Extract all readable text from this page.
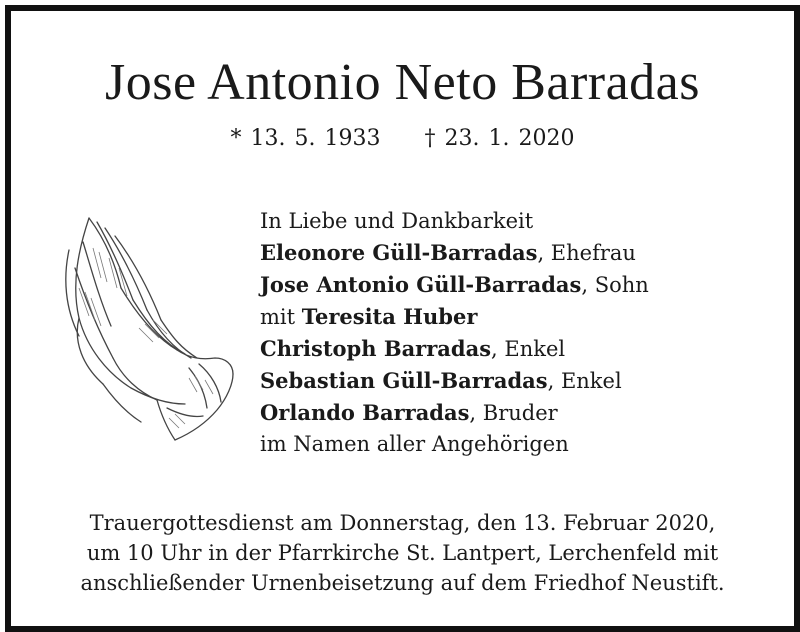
Jose Antonio Neto Barradas
* 13. 5. 1933 † 23. 1. 2020
In Liebe und Dankbarkeit
Eleonore Güll-Barradas, Ehefrau
Jose Antonio Güll-Barradas, Sohn
mit Teresita Huber
Christoph Barradas, Enkel
Sebastian Güll-Barradas, Enkel
Orlando Barradas, Bruder
im Namen aller Angehörigen
Trauergottesdienst am Donnerstag, den 13. Februar 2020,
um 10 Uhr in der Pfarrkirche St. Lantpert, Lerchenfeld mit
anschließender Urnenbeisetzung auf dem Friedhof Neustift.
